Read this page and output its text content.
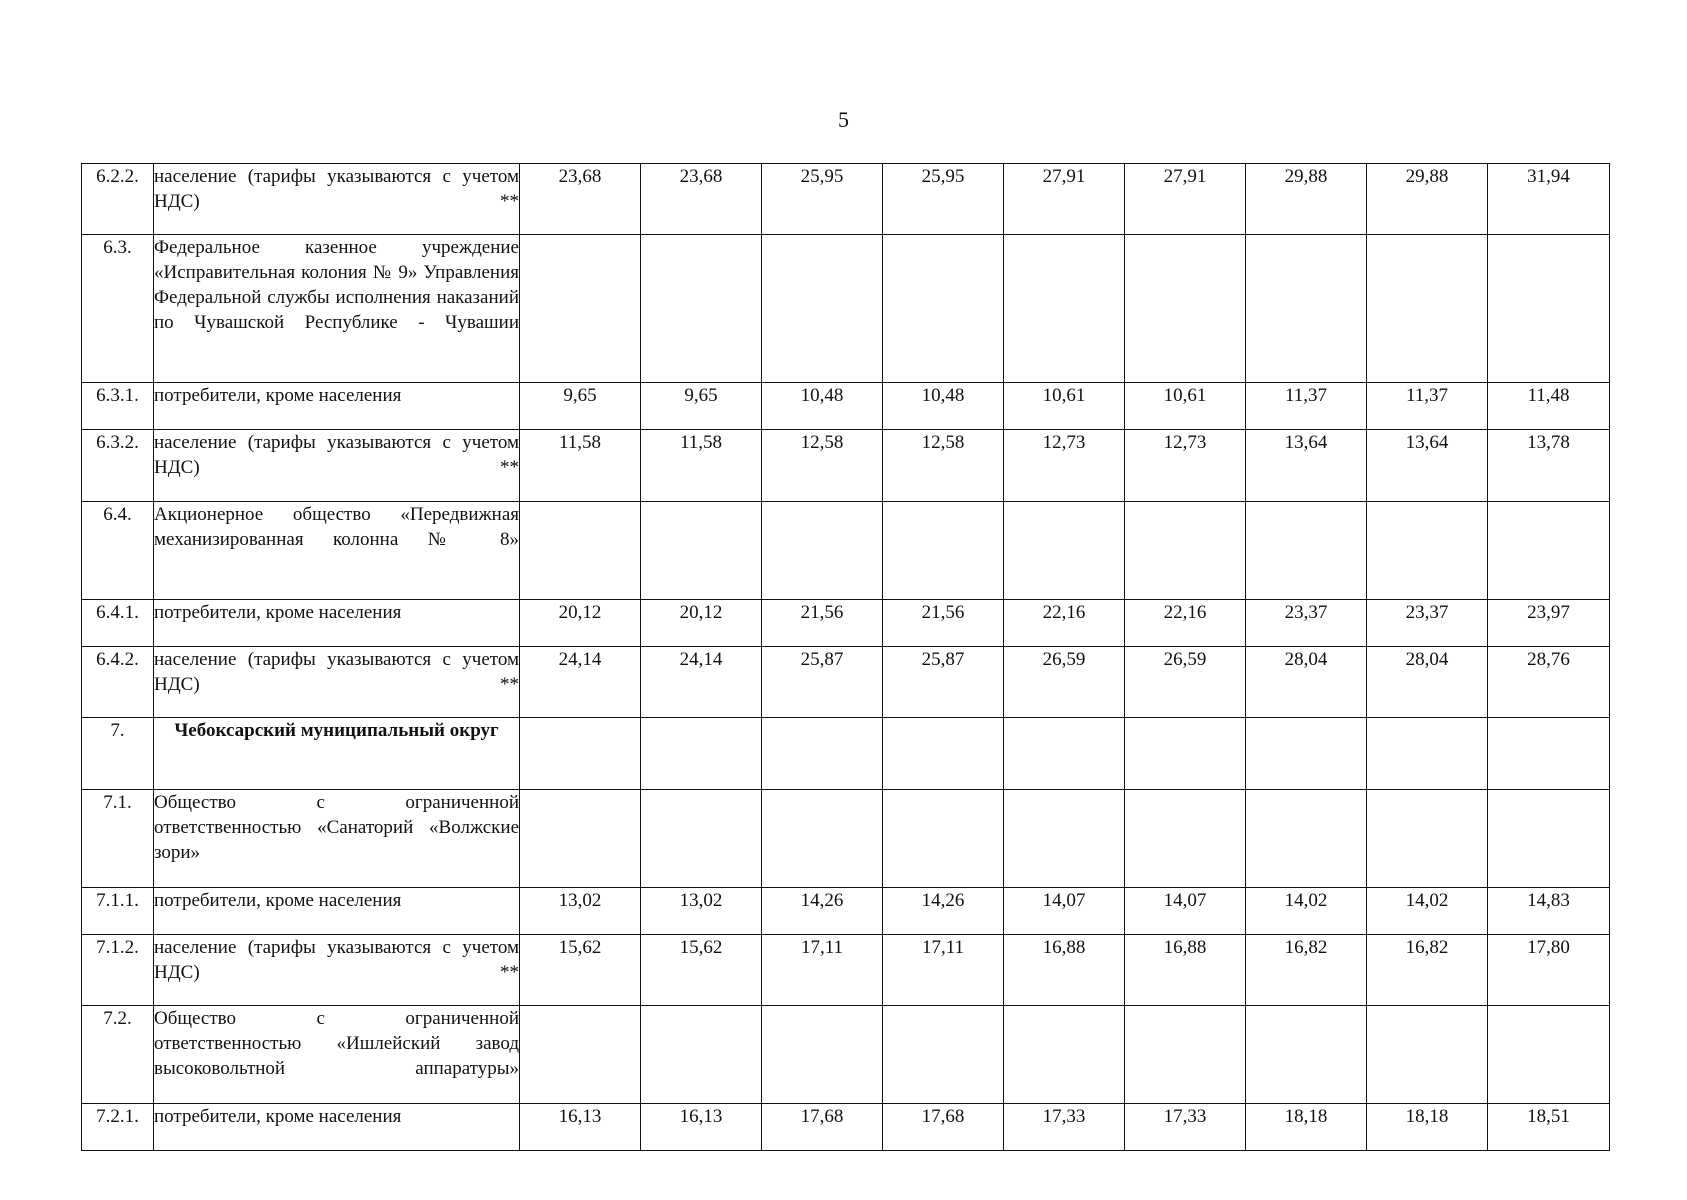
5
6.2.2.	население (тарифы указываются с учетом НДС) **	23,68	23,68	25,95	25,95	27,91	27,91	29,88	29,88	31,94
6.3.	Федеральное казенное учреждение «Исправительная колония № 9» Управления Федеральной службы исполнения наказаний по Чувашской Республике - Чувашии									
6.3.1.	потребители, кроме населения	9,65	9,65	10,48	10,48	10,61	10,61	11,37	11,37	11,48
6.3.2.	население (тарифы указываются с учетом НДС) **	11,58	11,58	12,58	12,58	12,73	12,73	13,64	13,64	13,78
6.4.	Акционерное общество «Передвижная механизированная колонна № 8»									
6.4.1.	потребители, кроме населения	20,12	20,12	21,56	21,56	22,16	22,16	23,37	23,37	23,97
6.4.2.	население (тарифы указываются с учетом НДС) **	24,14	24,14	25,87	25,87	26,59	26,59	28,04	28,04	28,76
7.	Чебоксарский муниципальный округ									
7.1.	Общество с ограниченной ответственностью «Санаторий «Волжские зори»									
7.1.1.	потребители, кроме населения	13,02	13,02	14,26	14,26	14,07	14,07	14,02	14,02	14,83
7.1.2.	население (тарифы указываются с учетом НДС) **	15,62	15,62	17,11	17,11	16,88	16,88	16,82	16,82	17,80
7.2.	Общество с ограниченной ответственностью «Ишлейский завод высоковольтной аппаратуры»									
7.2.1.	потребители, кроме населения	16,13	16,13	17,68	17,68	17,33	17,33	18,18	18,18	18,51
